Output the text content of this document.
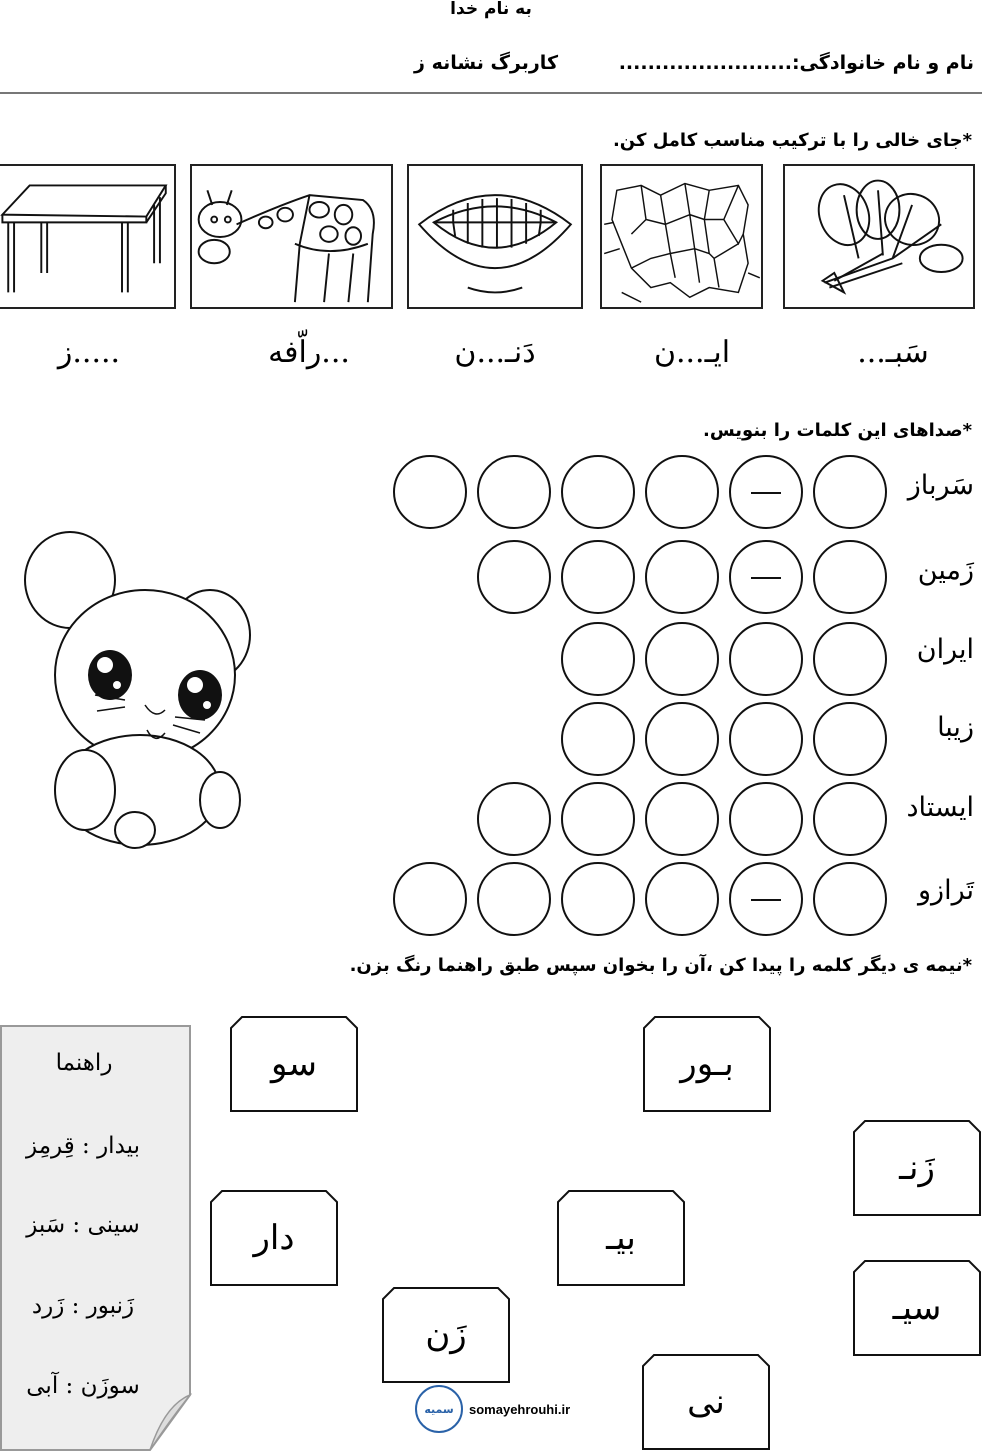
به نام خدا
نام و نام خانوادگی:........................
کاربرگ نشانه ز
*جای خالی را با ترکیب مناسب کامل کن.
سَبـ...
ایـ...ن
دَنـ...ن
...راّفه
.....ز
*صداهای این کلمات را بنویس.
سَرباز
زَمین
ایران
زیبا
ایستاد
تَرازو
*نیمه ی دیگر کلمه را پیدا کن ،آن را بخوان سپس طبق راهنما رنگ بزن.
سو	بـور
زَنـ
دار	بیـ
زَن
سیـ
نی
راهنما
بیدار : قِرمِز
سینی : سَبز
زَنبور : زَرد
سوزَن : آبی
سمیه	somayehrouhi.ir
